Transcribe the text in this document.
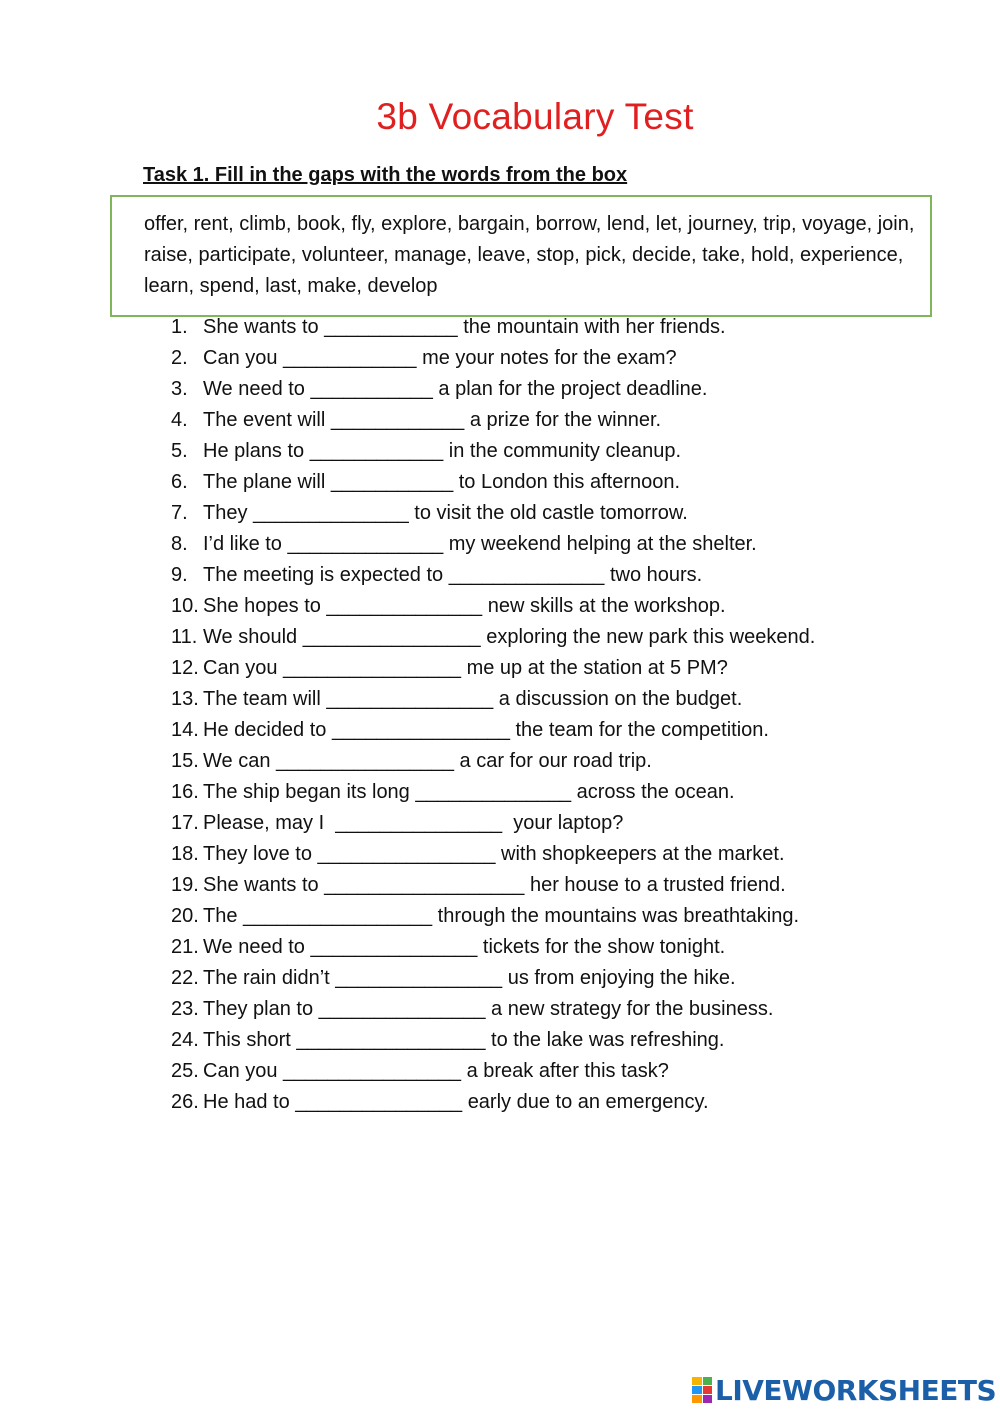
3b Vocabulary Test
Task 1. Fill in the gaps with the words from the box
offer, rent, climb, book, fly, explore, bargain, borrow, lend, let, journey, trip, voyage, join, raise, participate, volunteer, manage, leave, stop, pick, decide, take, hold, experience, learn, spend, last, make, develop
1. She wants to ____________ the mountain with her friends.
2. Can you ____________ me your notes for the exam?
3. We need to ___________ a plan for the project deadline.
4. The event will ____________ a prize for the winner.
5. He plans to ____________ in the community cleanup.
6. The plane will ___________ to London this afternoon.
7. They ______________ to visit the old castle tomorrow.
8. I’d like to ______________ my weekend helping at the shelter.
9. The meeting is expected to ______________ two hours.
10. She hopes to ______________ new skills at the workshop.
11. We should ________________ exploring the new park this weekend.
12. Can you ________________ me up at the station at 5 PM?
13. The team will _______________ a discussion on the budget.
14. He decided to ________________ the team for the competition.
15. We can ________________ a car for our road trip.
16. The ship began its long ______________ across the ocean.
17. Please, may I  _______________  your laptop?
18. They love to ________________ with shopkeepers at the market.
19. She wants to __________________ her house to a trusted friend.
20. The _________________ through the mountains was breathtaking.
21. We need to _______________ tickets for the show tonight.
22. The rain didn’t _______________ us from enjoying the hike.
23. They plan to _______________ a new strategy for the business.
24. This short _________________ to the lake was refreshing.
25. Can you ________________ a break after this task?
26. He had to _______________ early due to an emergency.
LIVEWORKSHEETS
